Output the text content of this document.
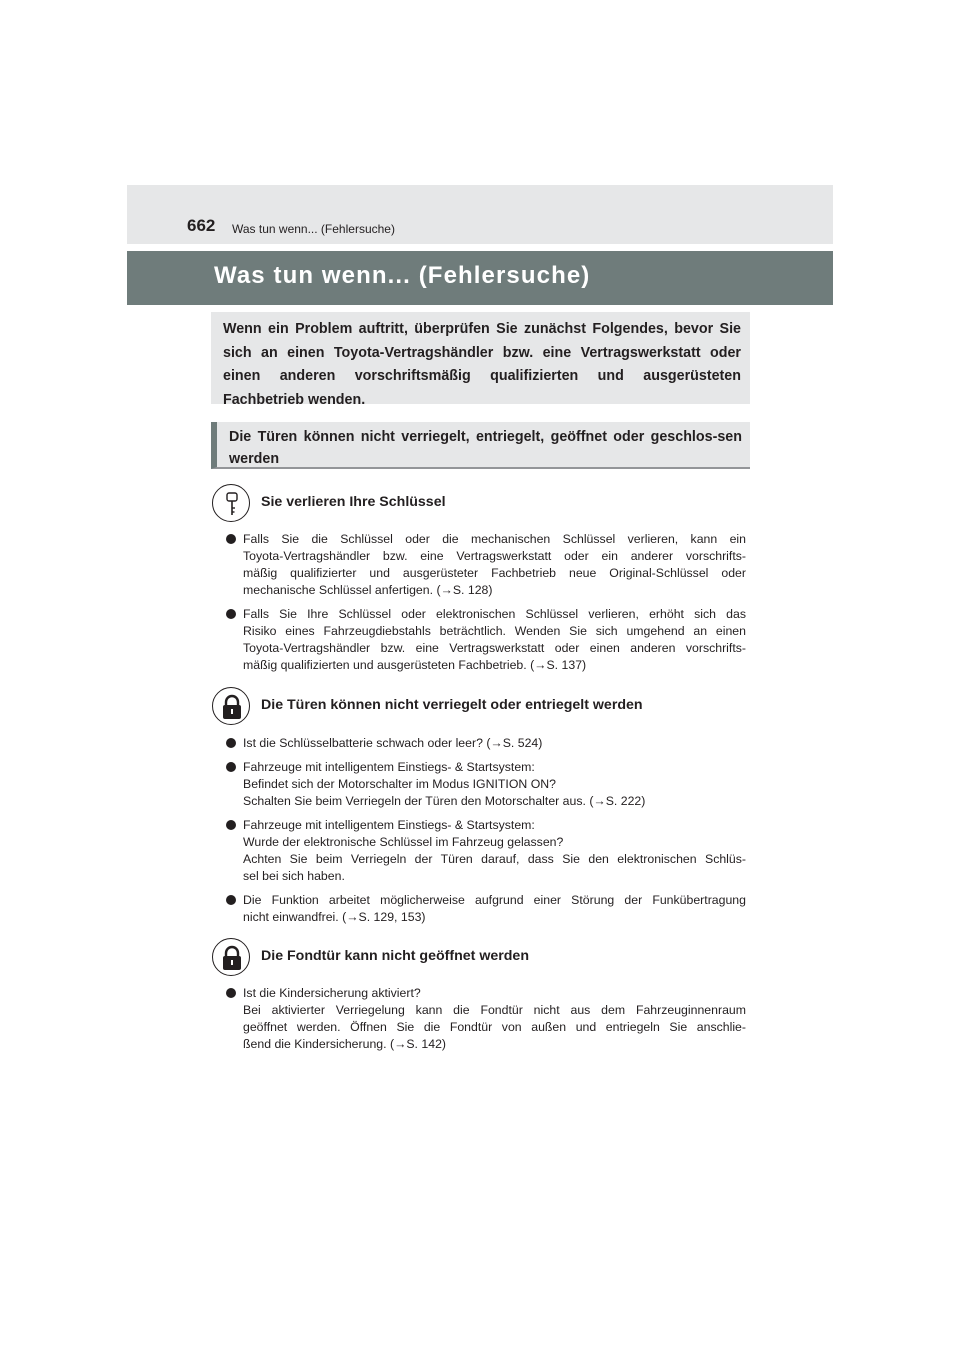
662 Was tun wenn... (Fehlersuche)
Was tun wenn... (Fehlersuche)
Wenn ein Problem auftritt, überprüfen Sie zunächst Folgendes, bevor Sie sich an einen Toyota-Vertragshändler bzw. eine Vertragswerkstatt oder einen anderen vorschriftsmäßig qualifizierten und ausgerüsteten Fachbetrieb wenden.
Die Türen können nicht verriegelt, entriegelt, geöffnet oder geschlos-sen werden
Sie verlieren Ihre Schlüssel
Falls Sie die Schlüssel oder die mechanischen Schlüssel verlieren, kann ein
Toyota-Vertragshändler bzw. eine Vertragswerkstatt oder ein anderer vorschrifts-
mäßig qualifizierter und ausgerüsteter Fachbetrieb neue Original-Schlüssel oder
mechanische Schlüssel anfertigen. (→S. 128)
Falls Sie Ihre Schlüssel oder elektronischen Schlüssel verlieren, erhöht sich das
Risiko eines Fahrzeugdiebstahls beträchtlich. Wenden Sie sich umgehend an einen
Toyota-Vertragshändler bzw. eine Vertragswerkstatt oder einen anderen vorschrifts-
mäßig qualifizierten und ausgerüsteten Fachbetrieb. (→S. 137)
Die Türen können nicht verriegelt oder entriegelt werden
Ist die Schlüsselbatterie schwach oder leer? (→S. 524)
Fahrzeuge mit intelligentem Einstiegs- & Startsystem:
Befindet sich der Motorschalter im Modus IGNITION ON?
Schalten Sie beim Verriegeln der Türen den Motorschalter aus. (→S. 222)
Fahrzeuge mit intelligentem Einstiegs- & Startsystem:
Wurde der elektronische Schlüssel im Fahrzeug gelassen?
Achten Sie beim Verriegeln der Türen darauf, dass Sie den elektronischen Schlüs-
sel bei sich haben.
Die Funktion arbeitet möglicherweise aufgrund einer Störung der Funkübertragung
nicht einwandfrei. (→S. 129, 153)
Die Fondtür kann nicht geöffnet werden
Ist die Kindersicherung aktiviert?
Bei aktivierter Verriegelung kann die Fondtür nicht aus dem Fahrzeuginnenraum
geöffnet werden. Öffnen Sie die Fondtür von außen und entriegeln Sie anschlie-
ßend die Kindersicherung. (→S. 142)
